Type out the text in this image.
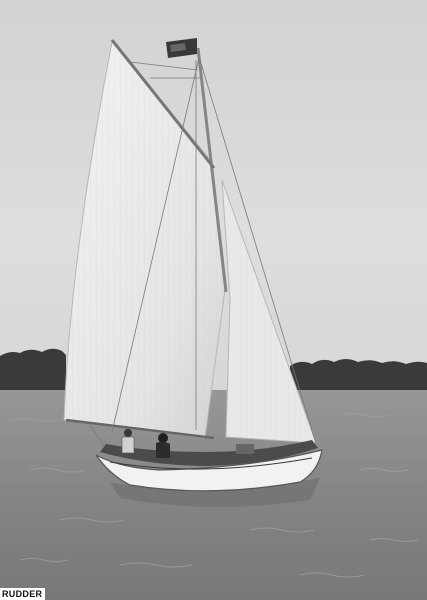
RUDDER
